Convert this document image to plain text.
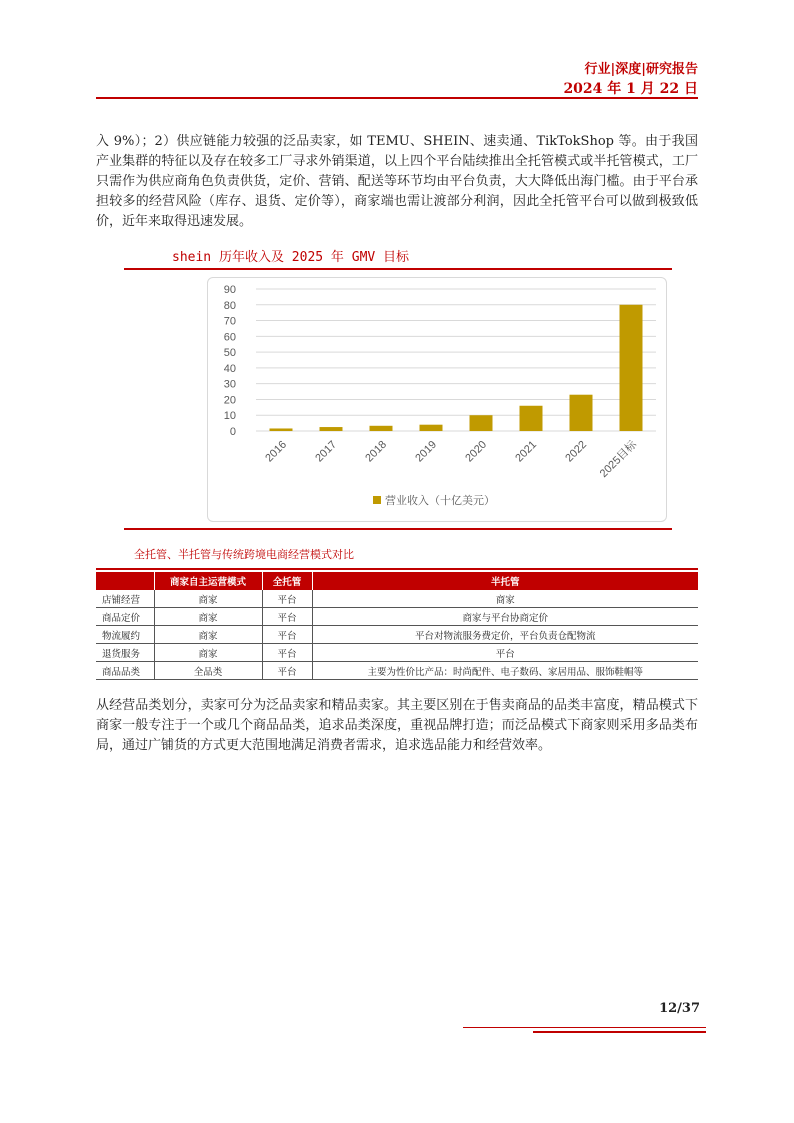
行业|深度|研究报告
2024 年 1 月 22 日

入 9%）；2）供应链能力较强的泛品卖家，如 TEMU、SHEIN、速卖通、TikTokShop 等。由于我国产业集群的特征以及存在较多工厂寻求外销渠道，以上四个平台陆续推出全托管模式或半托管模式，工厂只需作为供应商角色负责供货，定价、营销、配送等环节均由平台负责，大大降低出海门槛。由于平台承担较多的经营风险（库存、退货、定价等），商家端也需让渡部分利润，因此全托管平台可以做到极致低价，近年来取得迅速发展。

shein 历年收入及 2025 年 GMV 目标
0
10
20
30
40
50
60
70
80
90
2016 2017 2018 2019 2020 2021 2022 2025目标
营业收入（十亿美元）
全托管、半托管与传统跨境电商经营模式对比
	商家自主运营模式	全托管	半托管
店铺经营	商家	平台	商家
商品定价	商家	平台	商家与平台协商定价
物流履约	商家	平台	平台对物流服务费定价，平台负责仓配物流
退货服务	商家	平台	平台
商品品类	全品类	平台	主要为性价比产品：时尚配件、电子数码、家居用品、服饰鞋帽等

从经营品类划分，卖家可分为泛品卖家和精品卖家。其主要区别在于售卖商品的品类丰富度，精品模式下商家一般专注于一个或几个商品品类，追求品类深度，重视品牌打造；而泛品模式下商家则采用多品类布局，通过广铺货的方式更大范围地满足消费者需求，追求选品能力和经营效率。

12/37
